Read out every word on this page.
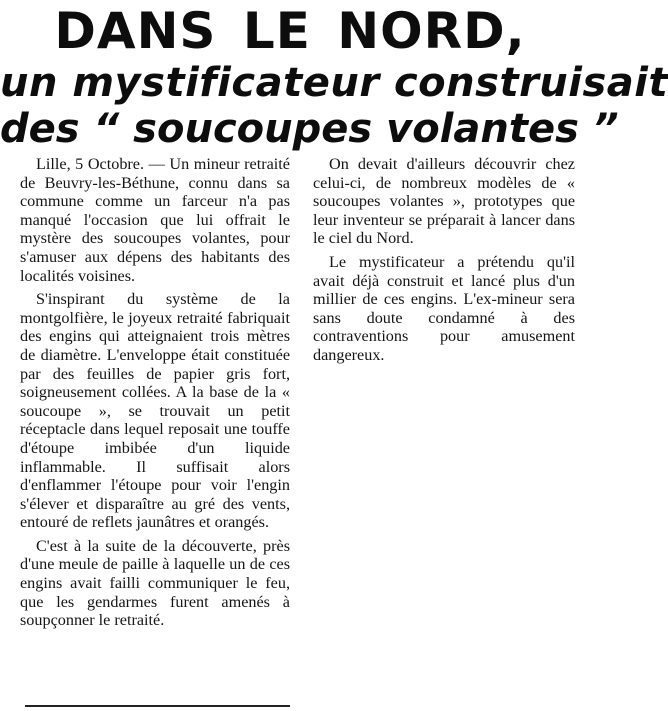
DANS LE NORD,
un mystificateur construisait
des “ soucoupes volantes ”

Lille, 5 Octobre. — Un mineur retraité de Beuvry-les-Béthune, connu dans sa commune comme un farceur n'a pas manqué l'occasion que lui offrait le mystère des soucoupes volantes, pour s'amuser aux dépens des habitants des localités voisines.

S'inspirant du système de la montgolfière, le joyeux retraité fabriquait des engins qui atteignaient trois mètres de diamètre. L'enveloppe était constituée par des feuilles de papier gris fort, soigneusement collées. A la base de la « soucoupe », se trouvait un petit réceptacle dans lequel reposait une touffe d'étoupe imbibée d'un liquide inflammable. Il suffisait alors d'enflammer l'étoupe pour voir l'engin s'élever et disparaître au gré des vents, entouré de reflets jaunâtres et orangés.

C'est à la suite de la découverte, près d'une meule de paille à laquelle un de ces engins avait failli communiquer le feu, que les gendarmes furent amenés à soupçonner le retraité.

On devait d'ailleurs découvrir chez celui-ci, de nombreux modèles de « soucoupes volantes », prototypes que leur inventeur se préparait à lancer dans le ciel du Nord.

Le mystificateur a prétendu qu'il avait déjà construit et lancé plus d'un millier de ces engins. L'ex-mineur sera sans doute condamné à des contraventions pour amusement dangereux.
